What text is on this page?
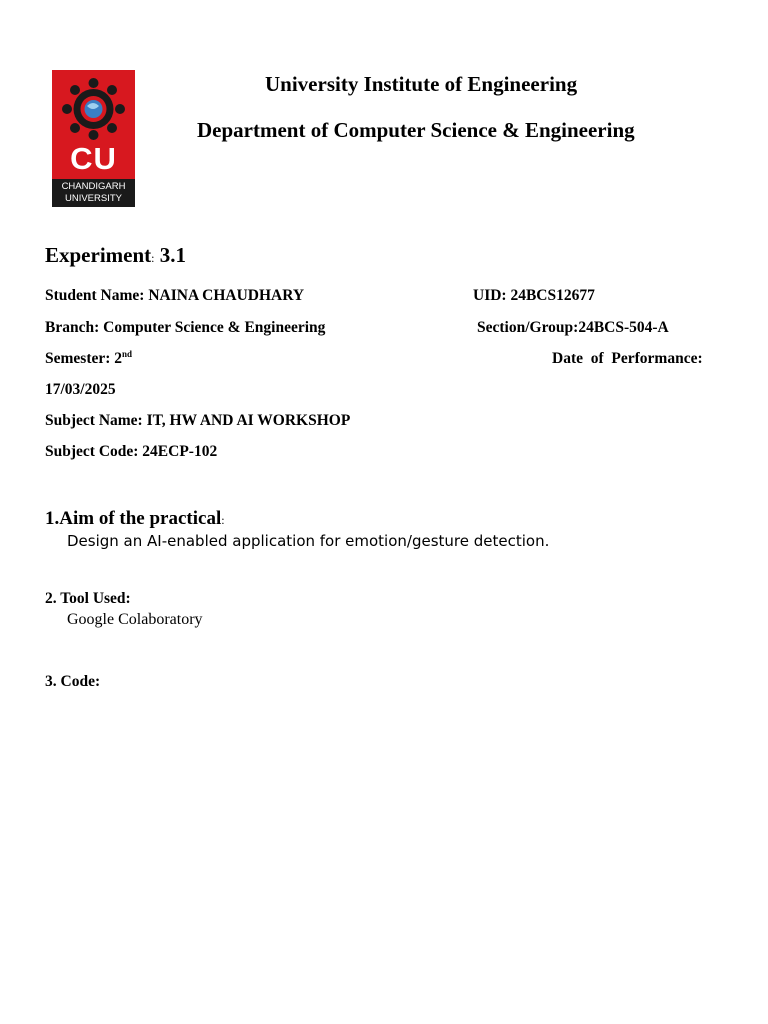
CU
CHANDIGARH
UNIVERSITY
University Institute of Engineering
Department of Computer Science & Engineering
Experiment: 3.1
Student Name: NAINA CHAUDHARY	UID: 24BCS12677
Branch: Computer Science & Engineering	Section/Group:24BCS-504-A
Semester: 2nd	Date  of  Performance:
17/03/2025
Subject Name: IT, HW AND AI WORKSHOP
Subject Code: 24ECP-102
1.Aim of the practical:
Design an AI-enabled application for emotion/gesture detection.
2. Tool Used:
Google Colaboratory
3. Code:
